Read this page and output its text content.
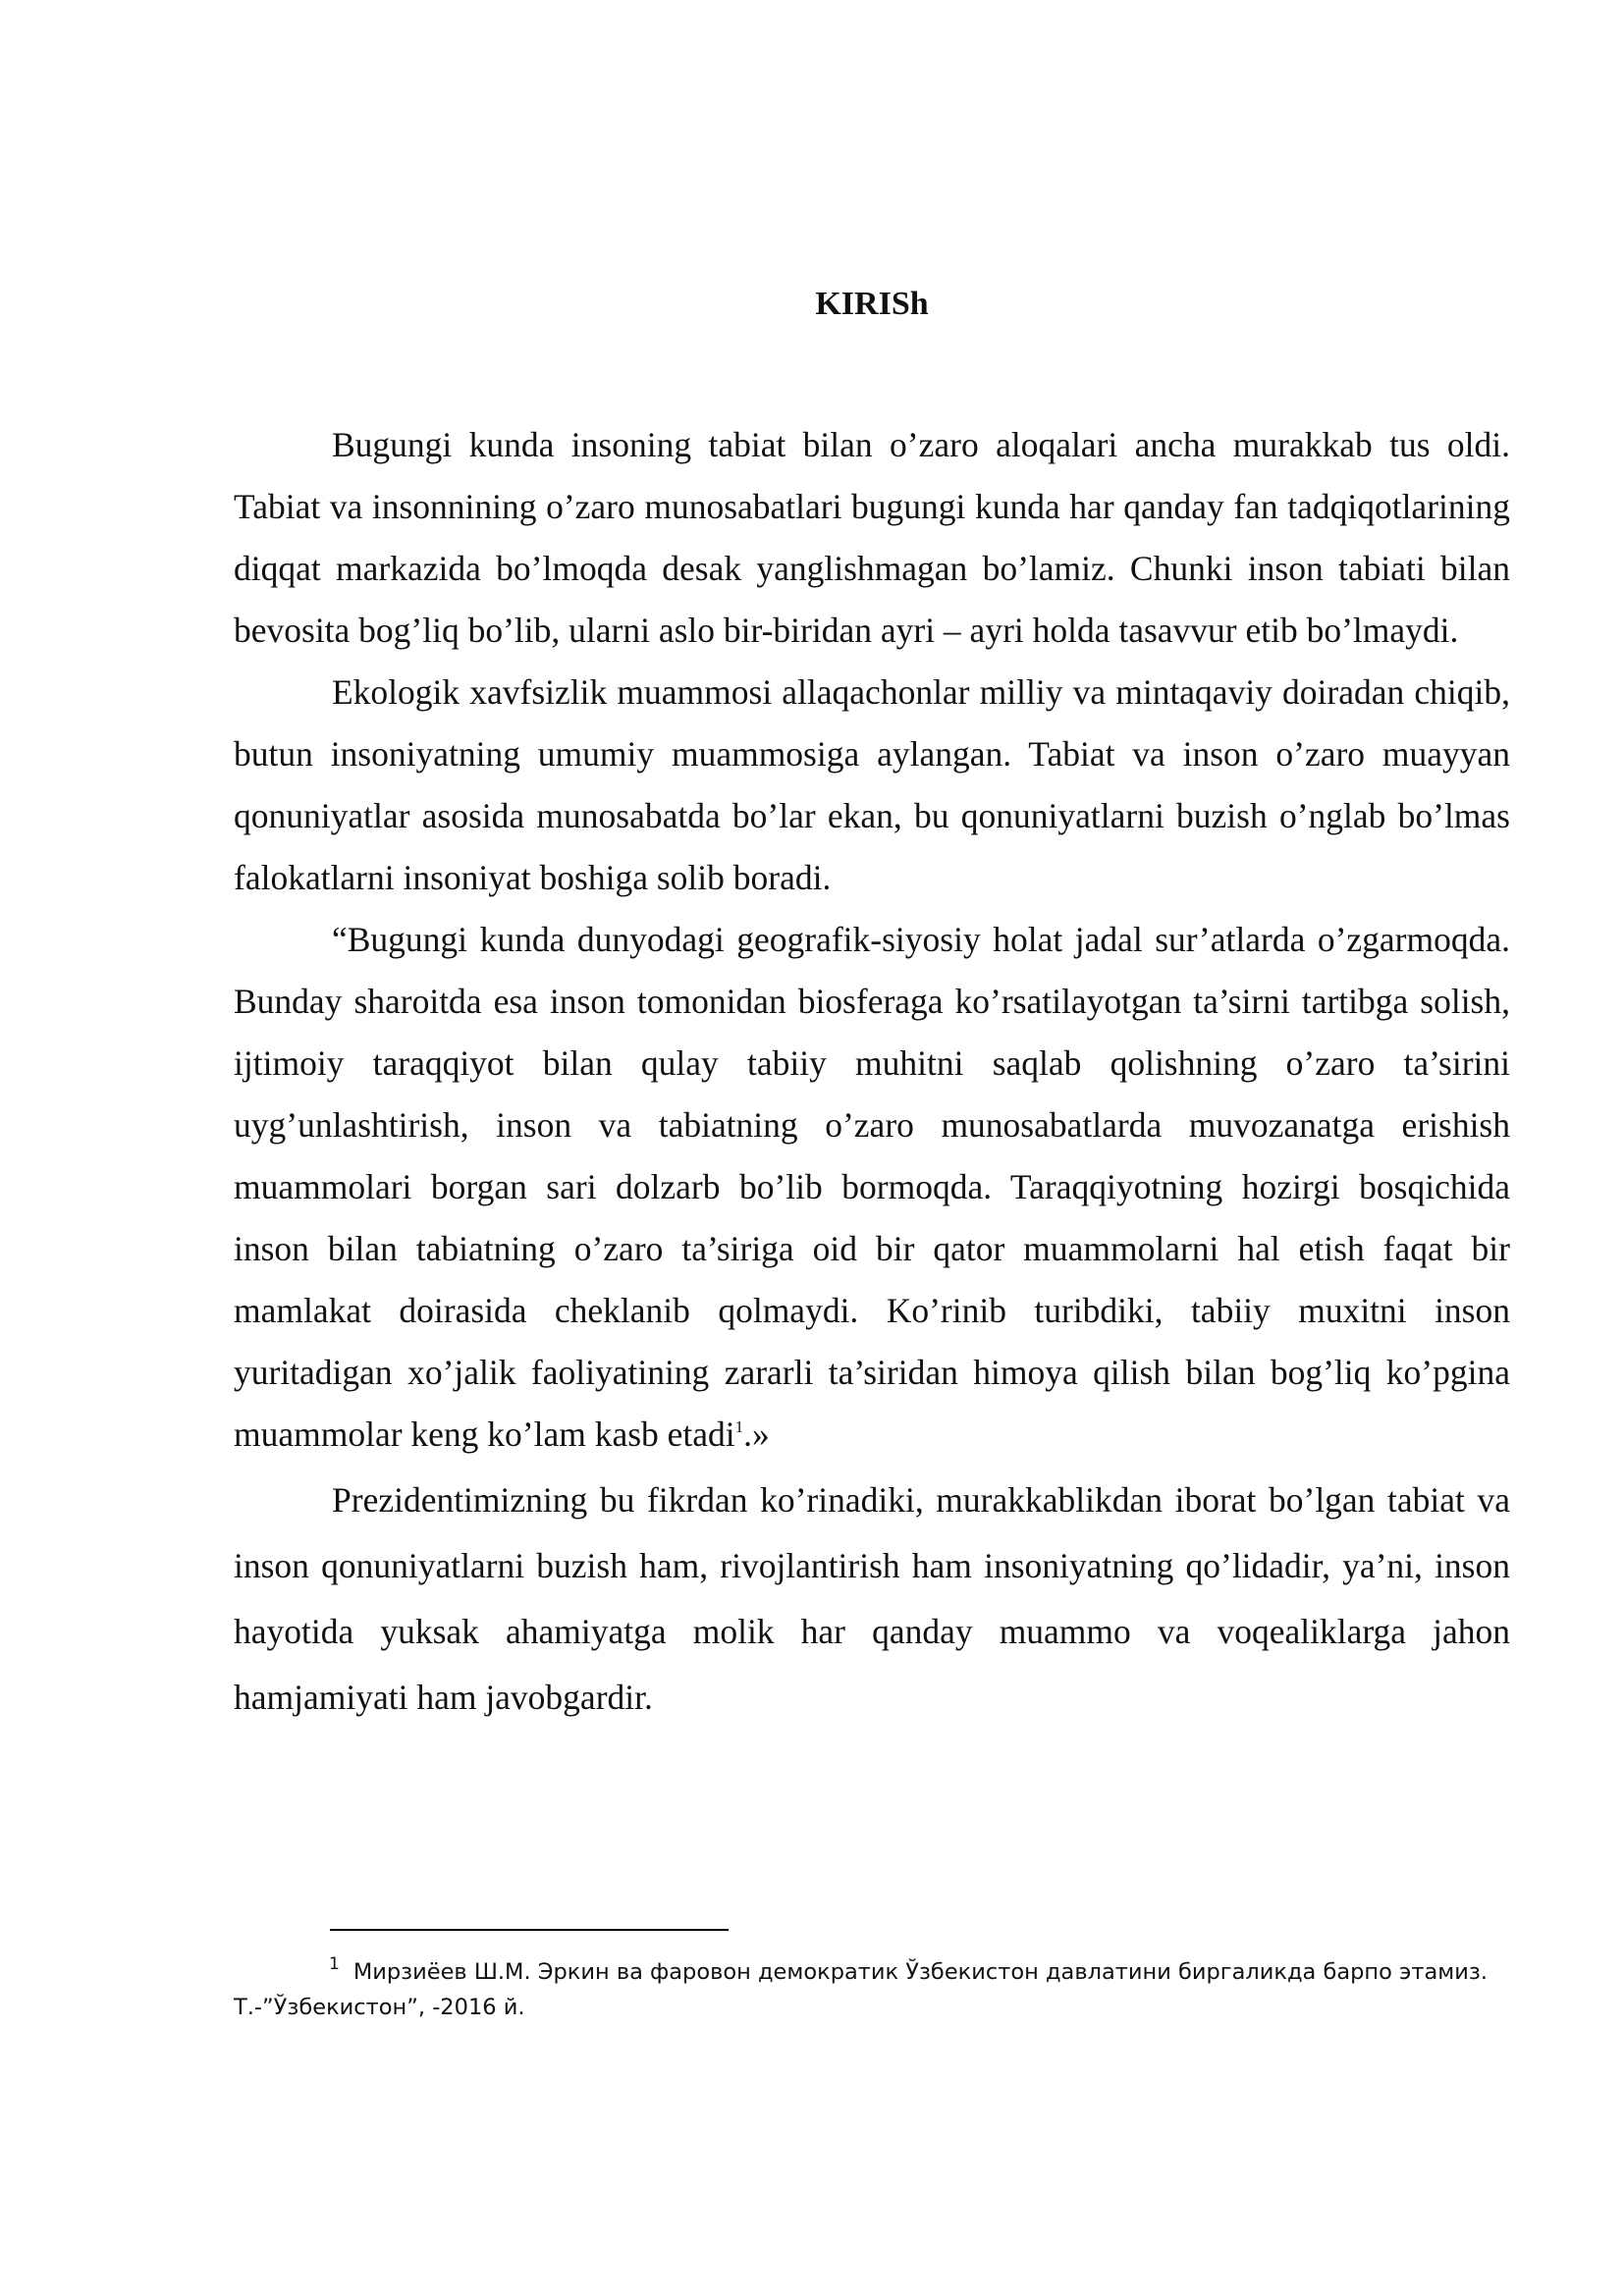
KIRISh

Bugungi kunda insoning tabiat bilan o’zaro aloqalari ancha murakkab tus oldi. Tabiat va insonnining o’zaro munosabatlari bugungi kunda har qanday fan tadqiqotlarining diqqat markazida bo’lmoqda desak yanglishmagan bo’lamiz. Chunki inson tabiati bilan bevosita bog’liq bo’lib, ularni aslo bir-biridan ayri – ayri holda tasavvur etib bo’lmaydi.

Ekologik xavfsizlik muammosi allaqachonlar milliy va mintaqaviy doiradan chiqib, butun insoniyatning umumiy muammosiga aylangan. Tabiat va inson o’zaro muayyan qonuniyatlar asosida munosabatda bo’lar ekan, bu qonuniyatlarni buzish o’nglab bo’lmas falokatlarni insoniyat boshiga solib boradi.

“Bugungi kunda dunyodagi geografik-siyosiy holat jadal sur’atlarda o’zgarmoqda. Bunday sharoitda esa inson tomonidan biosferaga ko’rsatilayotgan ta’sirni tartibga solish, ijtimoiy taraqqiyot bilan qulay tabiiy muhitni saqlab qolishning o’zaro ta’sirini uyg’unlashtirish, inson va tabiatning o’zaro munosabatlarda muvozanatga erishish muammolari borgan sari dolzarb bo’lib bormoqda. Taraqqiyotning hozirgi bosqichida inson bilan tabiatning o’zaro ta’siriga oid bir qator muammolarni hal etish faqat bir mamlakat doirasida cheklanib qolmaydi. Ko’rinib turibdiki, tabiiy muxitni inson yuritadigan xo’jalik faoliyatining zararli ta’siridan himoya qilish bilan bog’liq ko’pgina muammolar keng ko’lam kasb etadi$^1$.»

Prezidentimizning bu fikrdan ko’rinadiki, murakkablikdan iborat bo’lgan tabiat va inson qonuniyatlarni buzish ham, rivojlantirish ham insoniyatning qo’lidadir, ya’ni, inson hayotida yuksak ahamiyatga molik har qanday muammo va voqealiklarga jahon hamjamiyati ham javobgardir.

$^1$ Мирзиёев Ш.М. Эркин ва фаровон демократик Ўзбекистон давлатини биргаликда барпо этамиз.
Т.-”Ўзбекистон”, -2016 й.
